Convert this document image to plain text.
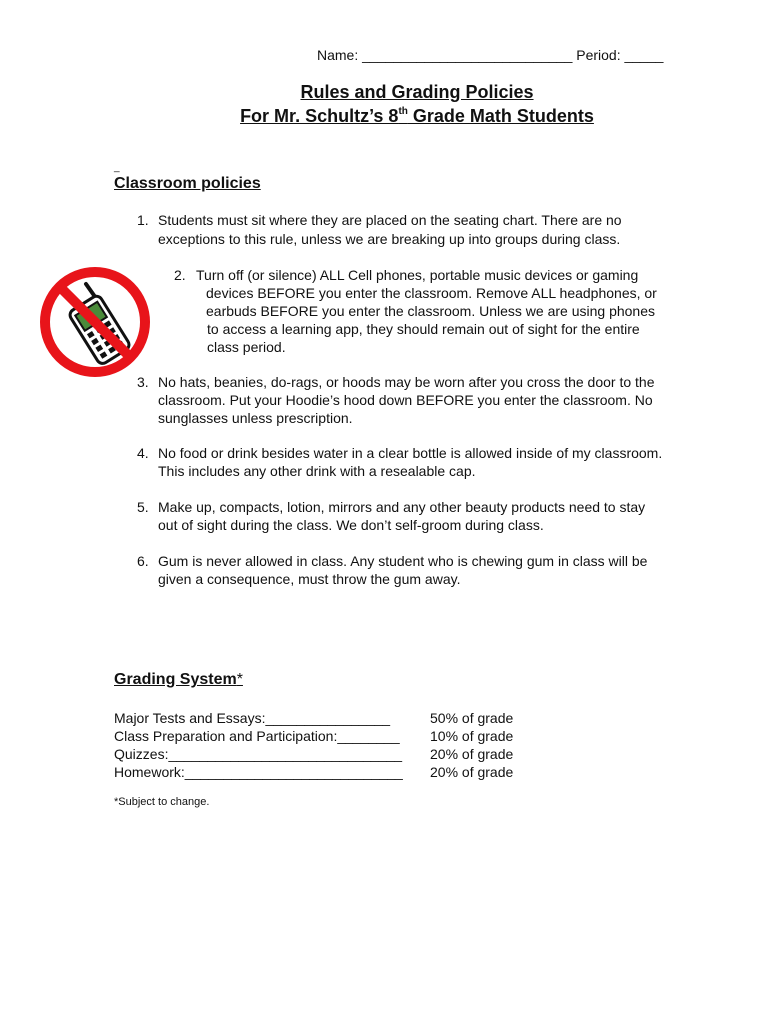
Name: ___________________________ Period: _____
Rules and Grading Policies
For Mr. Schultz’s 8th Grade Math Students
_
Classroom policies
1. Students must sit where they are placed on the seating chart. There are no
exceptions to this rule, unless we are breaking up into groups during class.
2. Turn off (or silence) ALL Cell phones, portable music devices or gaming
devices BEFORE you enter the classroom. Remove ALL headphones, or
earbuds BEFORE you enter the classroom. Unless we are using phones
to access a learning app, they should remain out of sight for the entire
class period.
3. No hats, beanies, do-rags, or hoods may be worn after you cross the door to the
classroom. Put your Hoodie’s hood down BEFORE you enter the classroom. No
sunglasses unless prescription.
4. No food or drink besides water in a clear bottle is allowed inside of my classroom.
This includes any other drink with a resealable cap.
5. Make up, compacts, lotion, mirrors and any other beauty products need to stay
out of sight during the class. We don’t self-groom during class.
6. Gum is never allowed in class. Any student who is chewing gum in class will be
given a consequence, must throw the gum away.
Grading System*
Major Tests and Essays:________________	50% of grade
Class Preparation and Participation:________ 10% of grade
Quizzes:______________________________ 20% of grade
Homework:____________________________ 20% of grade
*Subject to change.
